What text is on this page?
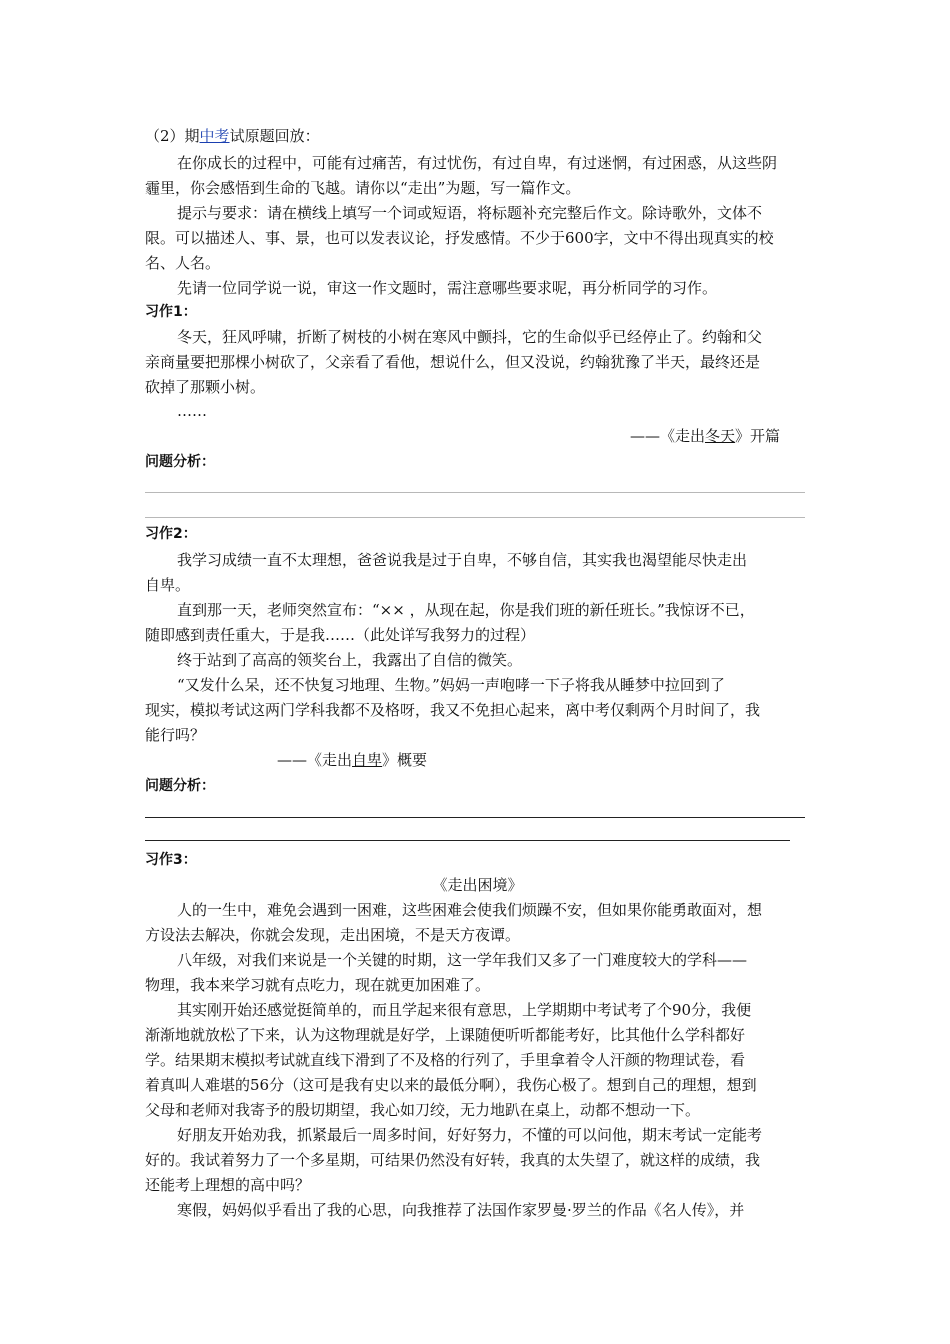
（2）期中考试原题回放：
在你成长的过程中，可能有过痛苦，有过忧伤，有过自卑，有过迷惘，有过困惑，从这些阴
霾里，你会感悟到生命的飞越。请你以“走出”为题，写一篇作文。
提示与要求：请在横线上填写一个词或短语，将标题补充完整后作文。除诗歌外，文体不
限。可以描述人、事、景，也可以发表议论，抒发感情。不少于600字，文中不得出现真实的校
名、人名。
先请一位同学说一说，审这一作文题时，需注意哪些要求呢，再分析同学的习作。
习作1：
冬天，狂风呼啸，折断了树枝的小树在寒风中颤抖，它的生命似乎已经停止了。约翰和父
亲商量要把那棵小树砍了，父亲看了看他，想说什么，但又没说，约翰犹豫了半天，最终还是
砍掉了那颗小树。
……
——《走出冬天》开篇
问题分析：
习作2：
我学习成绩一直不太理想，爸爸说我是过于自卑，不够自信，其实我也渴望能尽快走出
自卑。
直到那一天，老师突然宣布：“×× ，从现在起，你是我们班的新任班长。”我惊讶不已，
随即感到责任重大，于是我……（此处详写我努力的过程）
终于站到了高高的领奖台上，我露出了自信的微笑。
“又发什么呆，还不快复习地理、生物。”妈妈一声咆哮一下子将我从睡梦中拉回到了
现实，模拟考试这两门学科我都不及格呀，我又不免担心起来，离中考仅剩两个月时间了，我
能行吗？
——《走出自卑》概要
问题分析：
习作3：
《走出困境》
人的一生中，难免会遇到一困难，这些困难会使我们烦躁不安，但如果你能勇敢面对，想
方设法去解决，你就会发现，走出困境，不是天方夜谭。
八年级，对我们来说是一个关键的时期，这一学年我们又多了一门难度较大的学科——
物理，我本来学习就有点吃力，现在就更加困难了。
其实刚开始还感觉挺简单的，而且学起来很有意思，上学期期中考试考了个90分，我便
渐渐地就放松了下来，认为这物理就是好学，上课随便听听都能考好，比其他什么学科都好
学。结果期末模拟考试就直线下滑到了不及格的行列了，手里拿着令人汗颜的物理试卷，看
着真叫人难堪的56分（这可是我有史以来的最低分啊），我伤心极了。想到自己的理想，想到
父母和老师对我寄予的殷切期望，我心如刀绞，无力地趴在桌上，动都不想动一下。
好朋友开始劝我，抓紧最后一周多时间，好好努力，不懂的可以问他，期末考试一定能考
好的。我试着努力了一个多星期，可结果仍然没有好转，我真的太失望了，就这样的成绩，我
还能考上理想的高中吗？
寒假，妈妈似乎看出了我的心思，向我推荐了法国作家罗曼·罗兰的作品《名人传》，并
